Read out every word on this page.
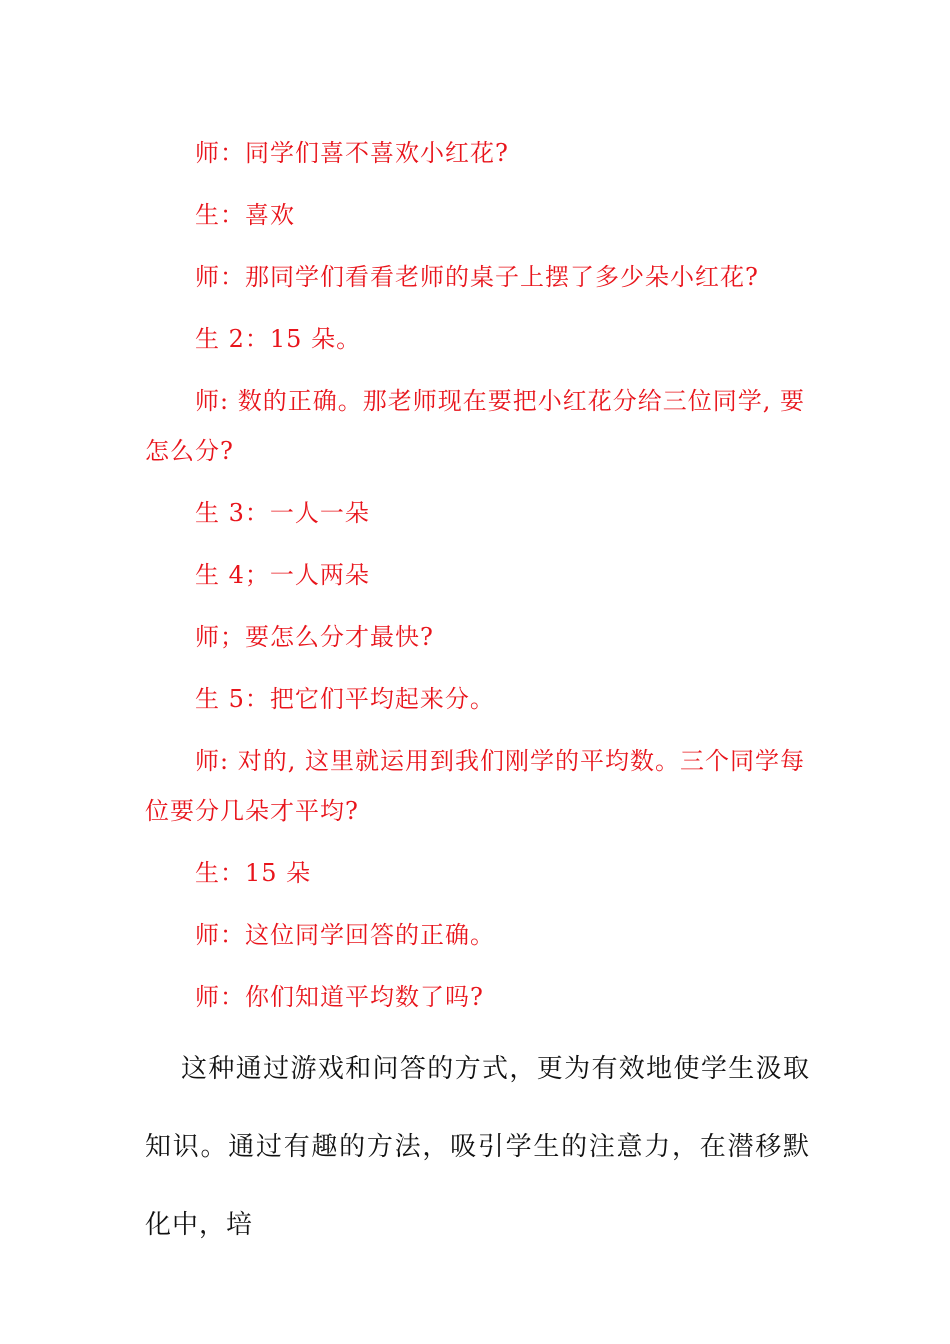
师：同学们喜不喜欢小红花?

生：喜欢

师：那同学们看看老师的桌子上摆了多少朵小红花?

生 2：15 朵。

师: 数的正确。那老师现在要把小红花分给三位同学, 要怎么分?

生 3：一人一朵

生 4；一人两朵

师；要怎么分才最快?

生 5：把它们平均起来分。

师: 对的, 这里就运用到我们刚学的平均数。三个同学每位要分几朵才平均?

生：15 朵

师：这位同学回答的正确。

师：你们知道平均数了吗?

这种通过游戏和问答的方式，更为有效地使学生汲取知识。通过有趣的方法，吸引学生的注意力，在潜移默化中，培
